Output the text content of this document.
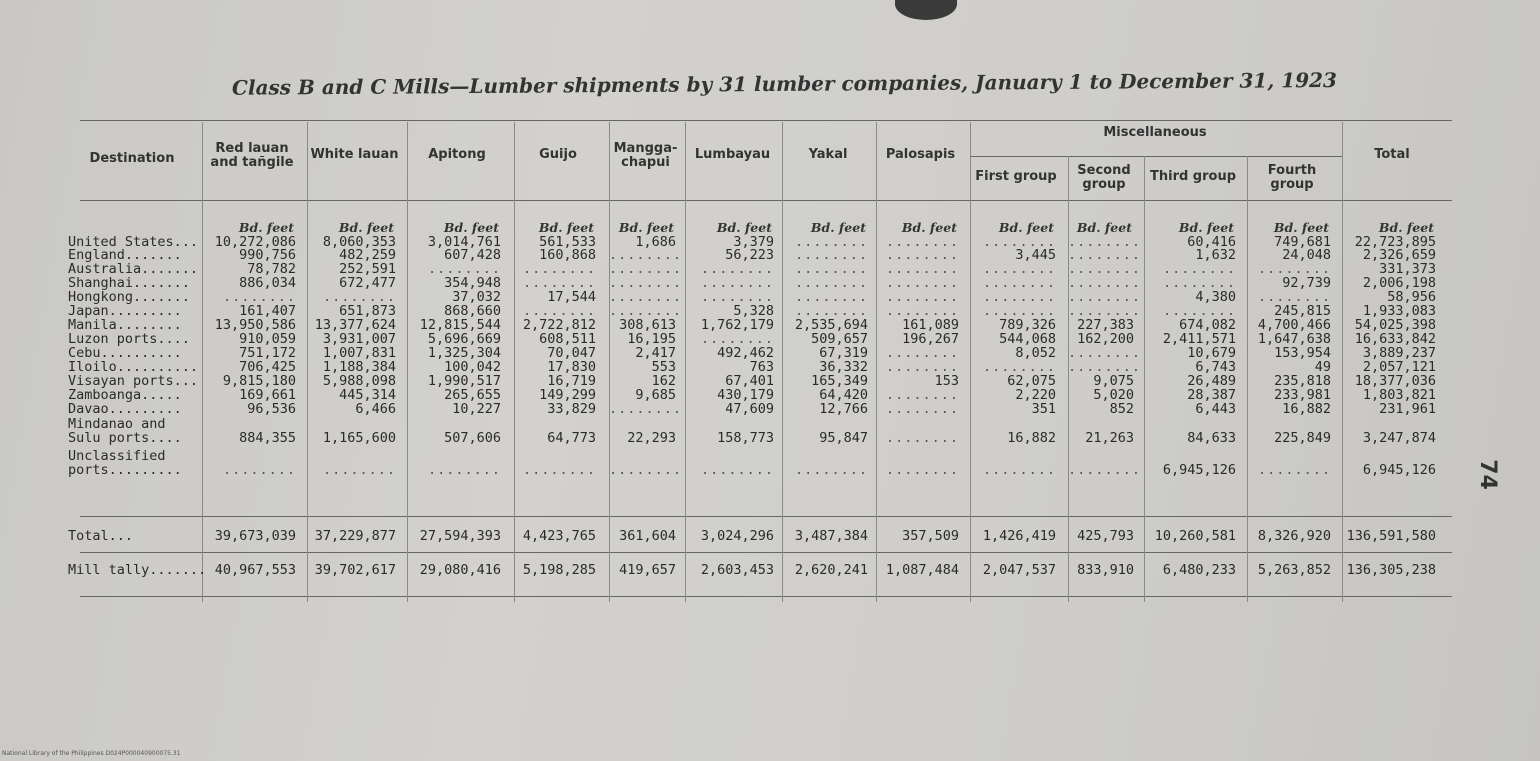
Class B and C Mills—Lumber shipments by 31 lumber companies, January 1 to December 31, 1923
Destination
Miscellaneous
Red lauan
and tañgile
Bd. feet
White lauan
Bd. feet
Apitong
Bd. feet
Guijo
Bd. feet
Mangga-
chapui
Bd. feet
Lumbayau
Bd. feet
Yakal
Bd. feet
Palosapis
Bd. feet
First group
Bd. feet
Second
group
Bd. feet
Third group
Bd. feet
Fourth
group
Bd. feet
Total
Bd. feet
United States...	10,272,086	8,060,353	3,014,761	561,533	1,686	3,379	........	........	........ ........	60,416	749,681	22,723,895
England.......	990,756	482,259	607,428	160,868 ........	56,223	........	........	3,445 ........	1,632	24,048	2,326,659
Australia.......	78,782	252,591	........	........ ........	........	........	........	........ ........	........	........	331,373
Shanghai.......	886,034	672,477	354,948	........ ........	........	........	........	........ ........	........	92,739	2,006,198
Hongkong.......	........	........	37,032	17,544 ........	........	........	........	........ ........	4,380	........	58,956
Japan.........	161,407	651,873	868,660	........ ........	5,328	........	........	........ ........	........	245,815	1,933,083
Manila........	13,950,586	13,377,624	12,815,544	2,722,812	308,613	1,762,179	2,535,694	161,089	789,326	227,383	674,082	4,700,466	54,025,398
Luzon ports....	910,059	3,931,007	5,696,669	608,511	16,195	........	509,657	196,267	544,068	162,200	2,411,571	1,647,638	16,633,842
Cebu..........	751,172	1,007,831	1,325,304	70,047	2,417	492,462	67,319	........	8,052 ........	10,679	153,954	3,889,237
Iloilo..........	706,425	1,188,384	100,042	17,830	553	763	36,332	........	........ ........	6,743	49	2,057,121
Visayan ports...	9,815,180	5,988,098	1,990,517	16,719	162	67,401	165,349	153	62,075	9,075	26,489	235,818	18,377,036
Zamboanga.....	169,661	445,314	265,655	149,299	9,685	430,179	64,420	........	2,220	5,020	28,387	233,981	1,803,821
Davao.........	96,536	6,466	10,227	33,829 ........	47,609	12,766	........	351	852	6,443	16,882	231,961
Mindanao and
Sulu ports....	884,355	1,165,600	507,606	64,773	22,293	158,773	95,847	........	16,882	21,263	84,633	225,849	3,247,874
Unclassified
ports.........	........	........	........	........ ........	........	........	........	........ ........	6,945,126	........	6,945,126
Total...	39,673,039	37,229,877	27,594,393	4,423,765	361,604	3,024,296	3,487,384	357,509	1,426,419	425,793	10,260,581	8,326,920	136,591,580
Mill tally....... 40,967,553	39,702,617	29,080,416	5,198,285	419,657	2,603,453	2,620,241	1,087,484	2,047,537	833,910	6,480,233	5,263,852	136,305,238
74
National Library of the Philippines D024P000040900075.31
